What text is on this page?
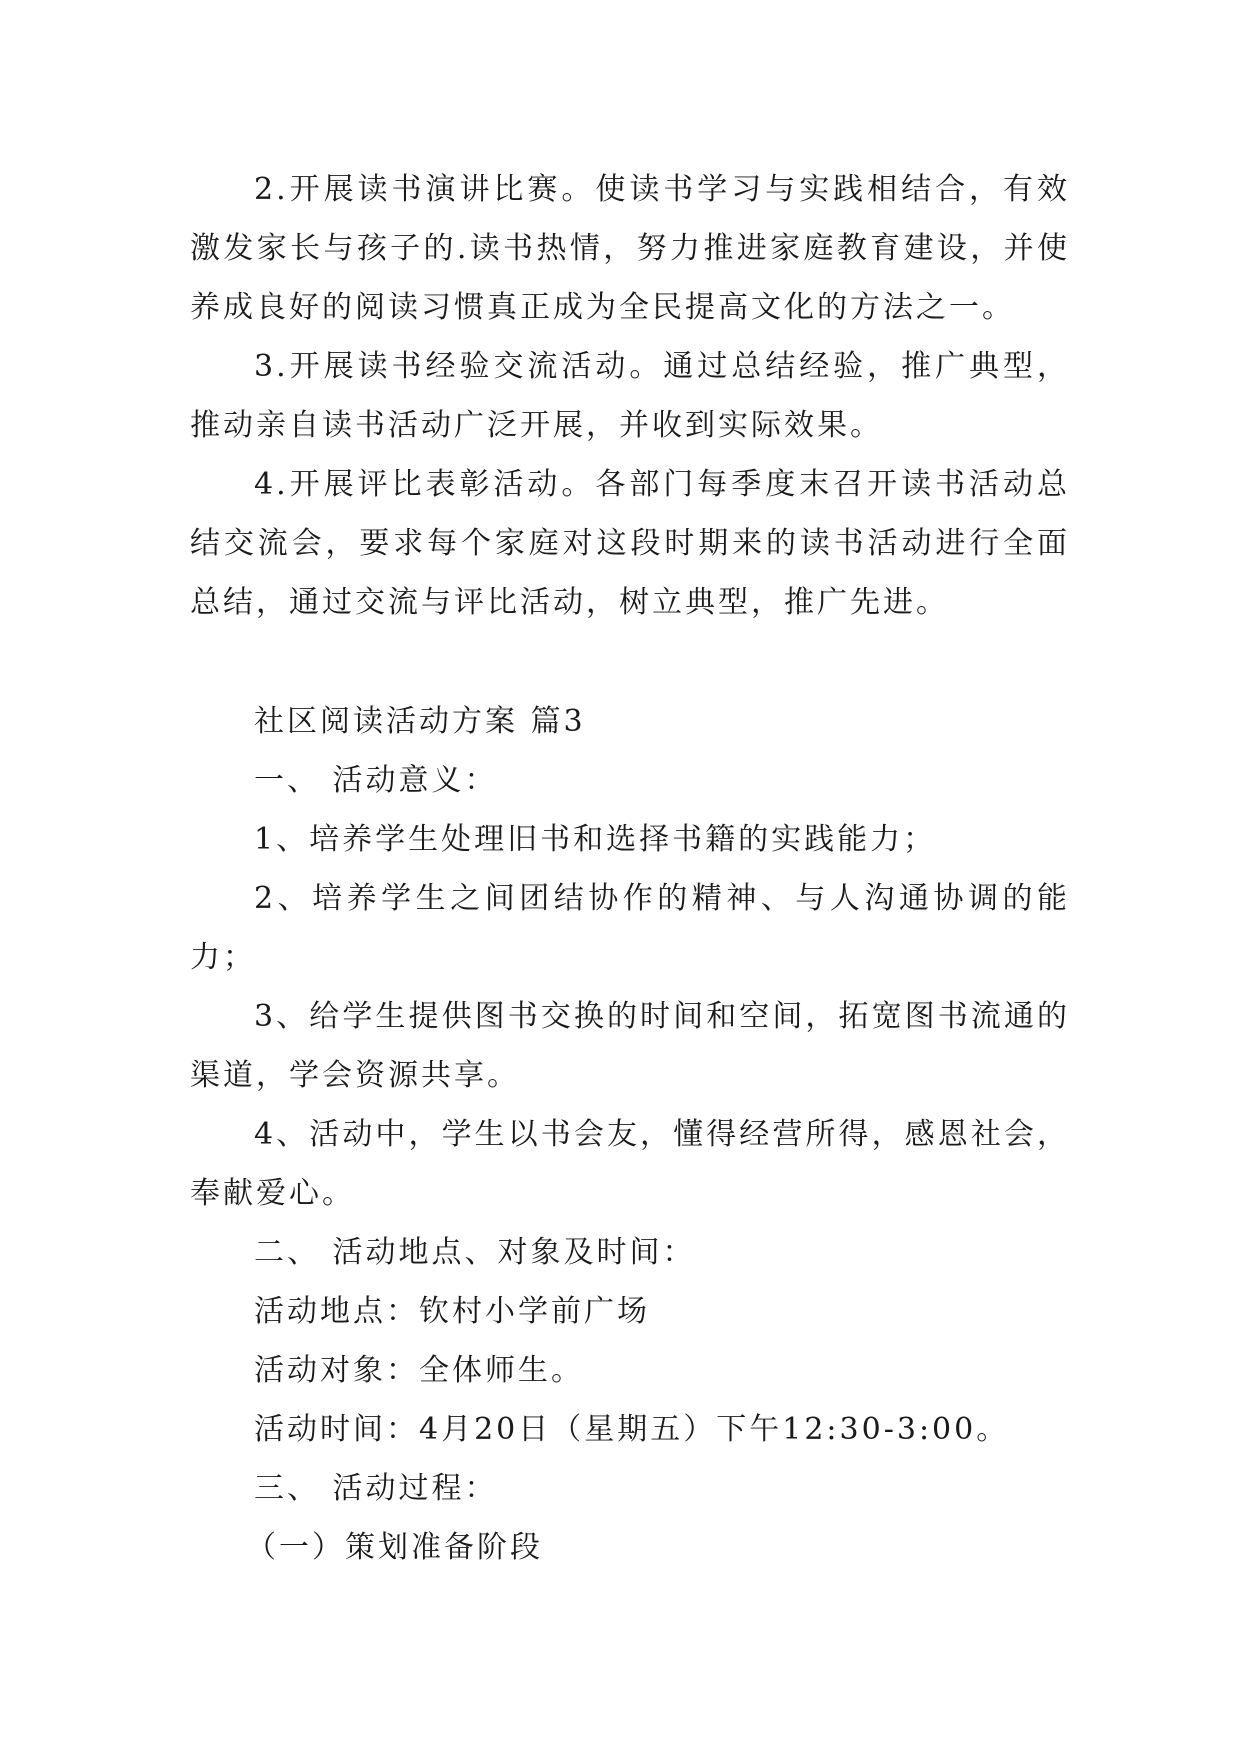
2.开展读书演讲比赛。使读书学习与实践相结合，有效激发家长与孩子的.读书热情，努力推进家庭教育建设，并使养成良好的阅读习惯真正成为全民提高文化的方法之一。

3.开展读书经验交流活动。通过总结经验，推广典型，推动亲自读书活动广泛开展，并收到实际效果。

4.开展评比表彰活动。各部门每季度末召开读书活动总结交流会，要求每个家庭对这段时期来的读书活动进行全面总结，通过交流与评比活动，树立典型，推广先进。

社区阅读活动方案 篇3

一、 活动意义：

1、培养学生处理旧书和选择书籍的实践能力；

2、培养学生之间团结协作的精神、与人沟通协调的能力；

3、给学生提供图书交换的时间和空间，拓宽图书流通的渠道，学会资源共享。

4、活动中，学生以书会友，懂得经营所得，感恩社会，奉献爱心。

二、 活动地点、对象及时间：

活动地点：钦村小学前广场

活动对象：全体师生。

活动时间：4月20日（星期五）下午12:30-3:00。

三、 活动过程：

（一）策划准备阶段
